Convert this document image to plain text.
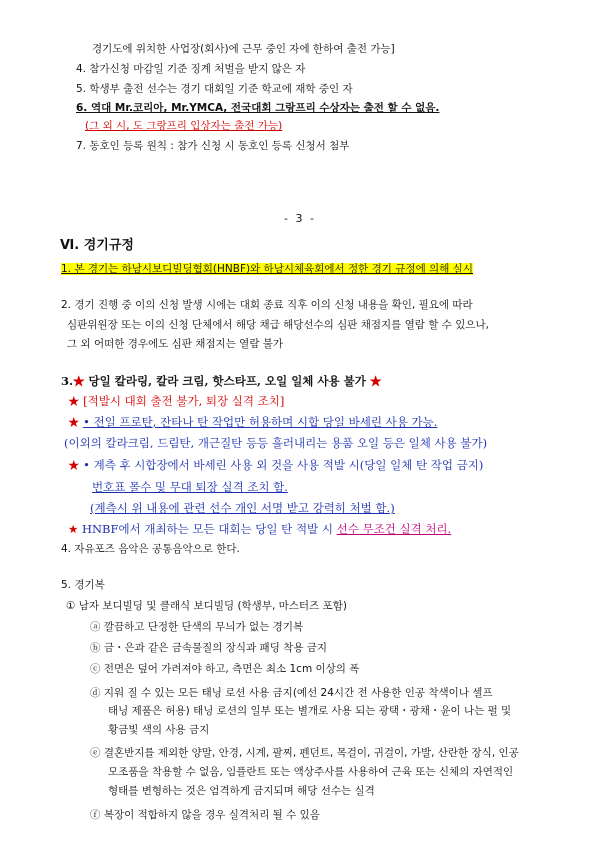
경기도에 위치한 사업장(회사)에 근무 중인 자에 한하여 출전 가능]
4. 참가신청 마감일 기준 징계 처벌을 받지 않은 자
5. 학생부 출전 선수는 경기 대회일 기준 학교에 재학 중인 자
6. 역대 Mr.코리아, Mr.YMCA, 전국대회 그랑프리 수상자는 출전 할 수 없음.
(그 외 시, 도 그랑프리 입상자는 출전 가능)
7. 동호인 등록 원칙 : 참가 신청 시 동호인 등록 신청서 첨부
- 3 -
Ⅵ. 경기규정
1. 본 경기는 하남시보디빌딩협회(HNBF)와 하남시체육회에서 정한 경기 규정에 의해 실시
2. 경기 진행 중 이의 신청 발생 시에는 대회 종료 직후 이의 신청 내용을 확인, 필요에 따라
심판위원장 또는 이의 신청 단체에서 해당 채급 해당선수의 심판 채점지를 열람 할 수 있으나,
그 외 어떠한 경우에도 심판 채점지는 열람 불가
3.★ 당일 칼라링, 칼라 크림, 핫스타프, 오일 일체 사용 불가 ★
★ [적발시 대회 출전 불가, 퇴장 실격 조치]
★ • 전일 프로탄, 잔타나 탄 작업만 허용하며 시합 당일 바세린 사용 가능.
(이외의 칼라크림, 드림탄, 개근질탄 등등 흘러내리는 용품 오일 등은 일체 사용 불가)
★ • 계측 후 시합장에서 바세린 사용 외 것을 사용 적발 시(당일 일체 탄 작업 금지)
번호표 몰수 및 무대 퇴장 실격 조치 함.
(계측시 위 내용에 관련 선수 개인 서명 받고 강력히 처벌 함.)
★ HNBF에서 개최하는 모든 대회는 당일 탄 적발 시 선수 무조건 실격 처리.
4. 자유포즈 음악은 공통음악으로 한다.
5. 경기복
① 남자 보디빌딩 및 클래식 보디빌딩 (학생부, 마스터즈 포함)
ⓐ 깔끔하고 단정한 단색의 무늬가 없는 경기복
ⓑ 금・은과 같은 금속물질의 장식과 패딩 착용 금지
ⓒ 전면은 덮어 가려져야 하고, 측면은 최소 1cm 이상의 폭
ⓓ 지워 질 수 있는 모든 태닝 로션 사용 금지(예선 24시간 전 사용한 인공 착색이나 셀프
태닝 제품은 허용) 태닝 로션의 일부 또는 별개로 사용 되는 광택・광채・윤이 나는 펄 및
황금빛 색의 사용 금지
ⓔ 결혼반지를 제외한 양말, 안경, 시계, 팔찌, 펜던트, 목걸이, 귀걸이, 가발, 산란한 장식, 인공
모조품을 착용할 수 없음, 임플란트 또는 액상주사를 사용하여 근육 또는 신체의 자연적인
형태를 변형하는 것은 엄격하게 금지되며 해당 선수는 실격
ⓕ 복장이 적합하지 않을 경우 실격처리 될 수 있음
